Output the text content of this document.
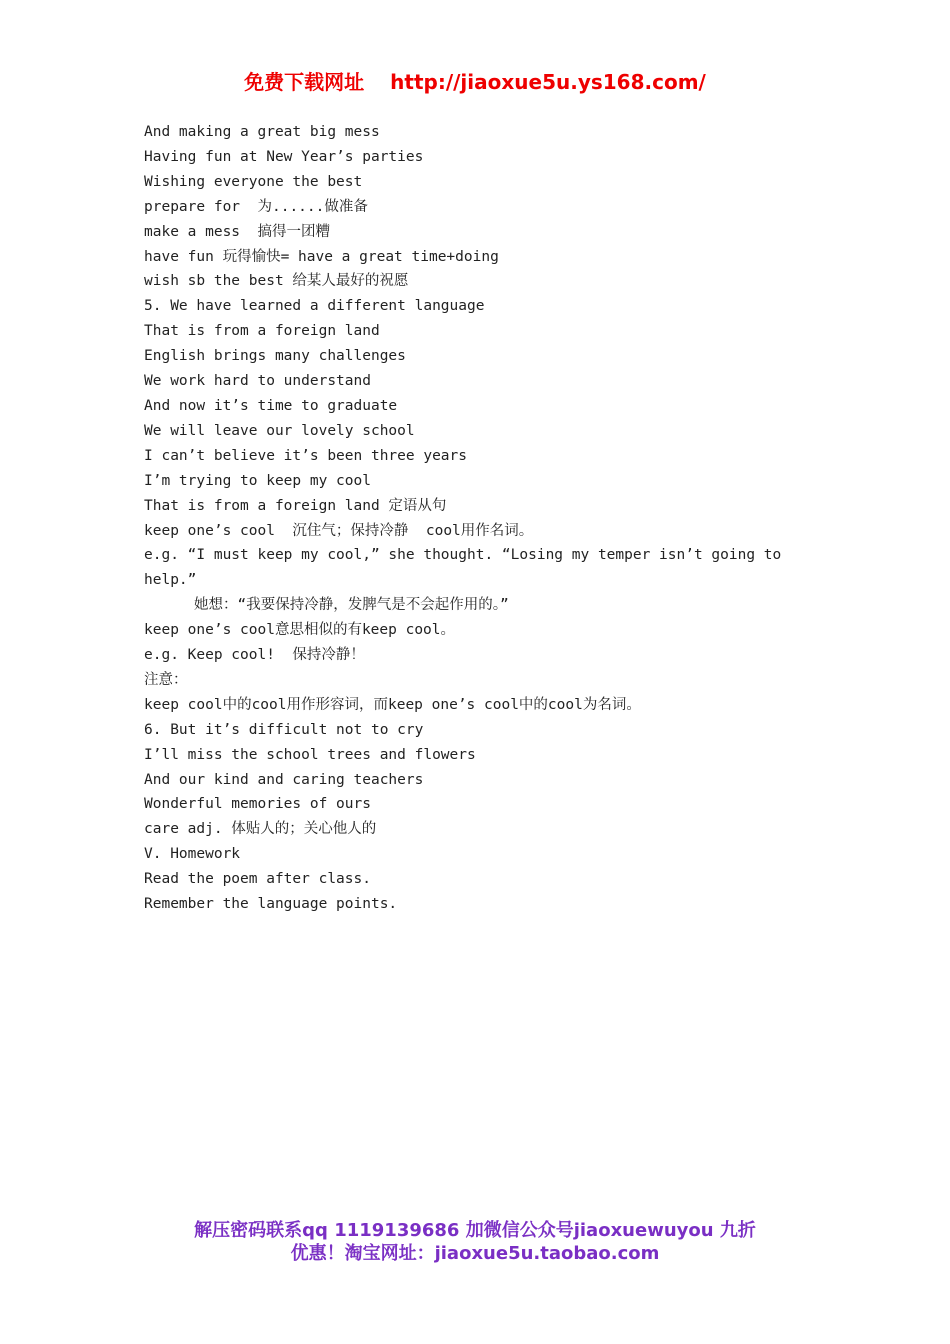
免费下载网址 http://jiaoxue5u.ys168.com/
And making a great big mess
Having fun at New Year’s parties
Wishing everyone the best
prepare for  为......做准备
make a mess  搞得一团糟
have fun 玩得愉快= have a great time+doing
wish sb the best 给某人最好的祝愿
5. We have learned a different language
That is from a foreign land
English brings many challenges
We work hard to understand
And now it’s time to graduate
We will leave our lovely school
I can’t believe it’s been three years
I’m trying to keep my cool
That is from a foreign land 定语从句
keep one’s cool  沉住气；保持冷静  cool用作名词。
e.g. “I must keep my cool,” she thought. “Losing my temper isn’t going to help.”
她想：“我要保持冷静，发脾气是不会起作用的。”
keep one’s cool意思相似的有keep cool。
e.g. Keep cool!  保持冷静！
注意：
keep cool中的cool用作形容词，而keep one’s cool中的cool为名词。
6. But it’s difficult not to cry
I’ll miss the school trees and flowers
And our kind and caring teachers
Wonderful memories of ours
care adj. 体贴人的；关心他人的
V. Homework
Read the poem after class.
Remember the language points.
解压密码联系qq 1119139686 加微信公众号jiaoxuewuyou 九折
优惠！淘宝网址：jiaoxue5u.taobao.com
